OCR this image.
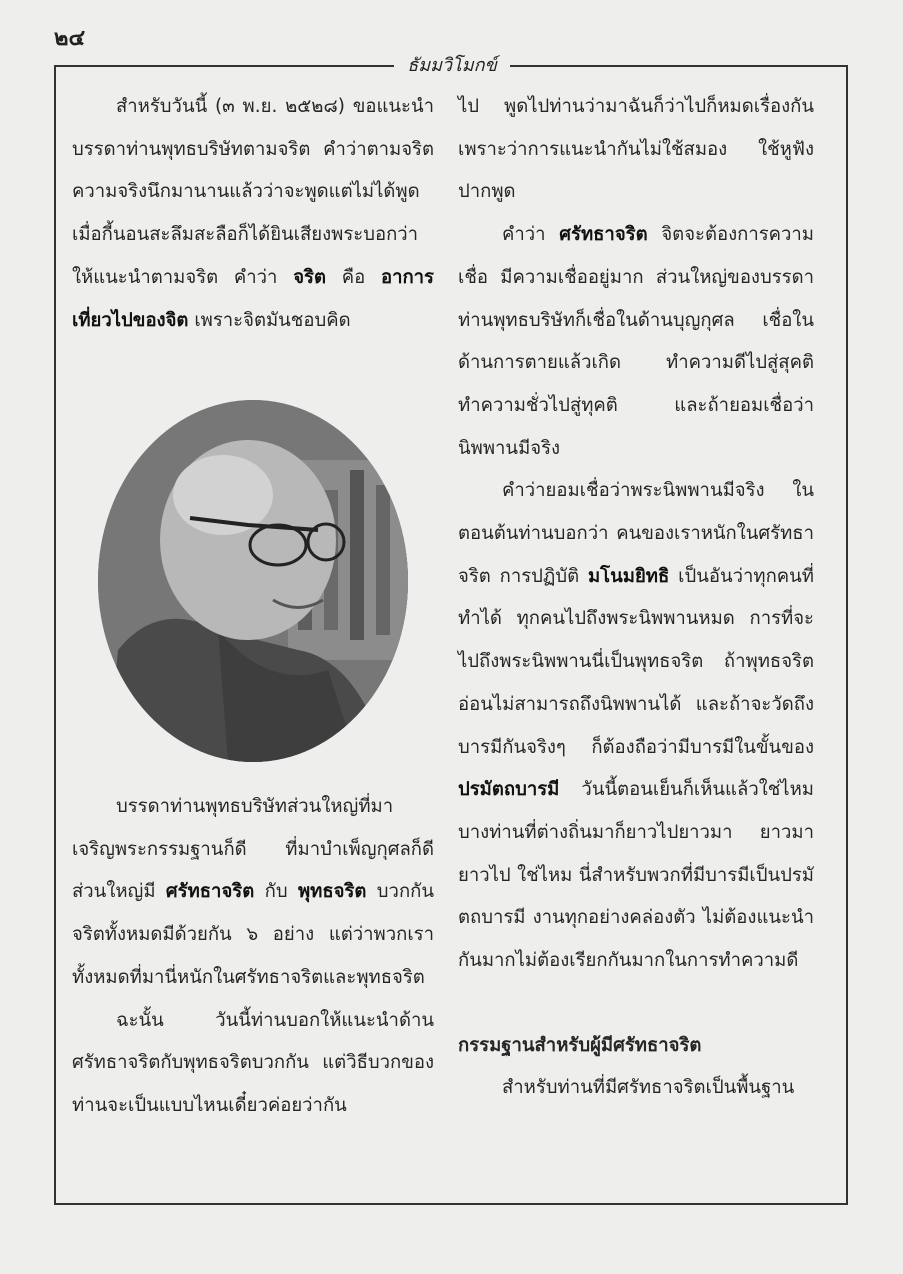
๒๔
ธัมมวิโมกข์

สำหรับวันนี้ (๓ พ.ย. ๒๕๒๘) ขอแนะนำบรรดาท่านพุทธบริษัทตามจริต คำว่าตามจริตความจริงนึกมานานแล้วว่าจะพูดแต่ไม่ได้พูด เมื่อกี้นอนสะลึมสะลือก็ได้ยินเสียงพระบอกว่า ให้แนะนำตามจริต คำว่า จริต คือ อาการเที่ยวไปของจิต เพราะจิตมันชอบคิด

บรรดาท่านพุทธบริษัทส่วนใหญ่ที่มาเจริญพระกรรมฐานก็ดี ที่มาบำเพ็ญกุศลก็ดี ส่วนใหญ่มี ศรัทธาจริต กับ พุทธจริต บวกกัน จริตทั้งหมดมีด้วยกัน ๖ อย่าง แต่ว่าพวกเราทั้งหมดที่มานี่หนักในศรัทธาจริตและพุทธจริต

ฉะนั้น วันนี้ท่านบอกให้แนะนำด้านศรัทธาจริตกับพุทธจริตบวกกัน แต่วิธีบวกของท่านจะเป็นแบบไหนเดี๋ยวค่อยว่ากัน

ไป พูดไปท่านว่ามาฉันก็ว่าไปก็หมดเรื่องกัน เพราะว่าการแนะนำกันไม่ใช้สมอง ใช้หูฟังปากพูด

คำว่า ศรัทธาจริต จิตจะต้องการความเชื่อ มีความเชื่ออยู่มาก ส่วนใหญ่ของบรรดาท่านพุทธบริษัทก็เชื่อในด้านบุญกุศล เชื่อในด้านการตายแล้วเกิด ทำความดีไปสู่สุคติ ทำความชั่วไปสู่ทุคติ และถ้ายอมเชื่อว่านิพพานมีจริง

คำว่ายอมเชื่อว่าพระนิพพานมีจริง ในตอนต้นท่านบอกว่า คนของเราหนักในศรัทธาจริต การปฏิบัติ มโนมยิทธิ เป็นอันว่าทุกคนที่ทำได้ ทุกคนไปถึงพระนิพพานหมด การที่จะไปถึงพระนิพพานนี่เป็นพุทธจริต ถ้าพุทธจริตอ่อนไม่สามารถถึงนิพพานได้ และถ้าจะวัดถึงบารมีกันจริงๆ ก็ต้องถือว่ามีบารมีในขั้นของ ปรมัตถบารมี วันนี้ตอนเย็นก็เห็นแล้วใช่ไหม บางท่านที่ต่างถิ่นมาก็ยาวไปยาวมา ยาวมายาวไป ใช่ไหม นี่สำหรับพวกที่มีบารมีเป็นปรมัตถบารมี งานทุกอย่างคล่องตัว ไม่ต้องแนะนำกันมากไม่ต้องเรียกกันมากในการทำความดี

กรรมฐานสำหรับผู้มีศรัทธาจริต

สำหรับท่านที่มีศรัทธาจริตเป็นพื้นฐาน
